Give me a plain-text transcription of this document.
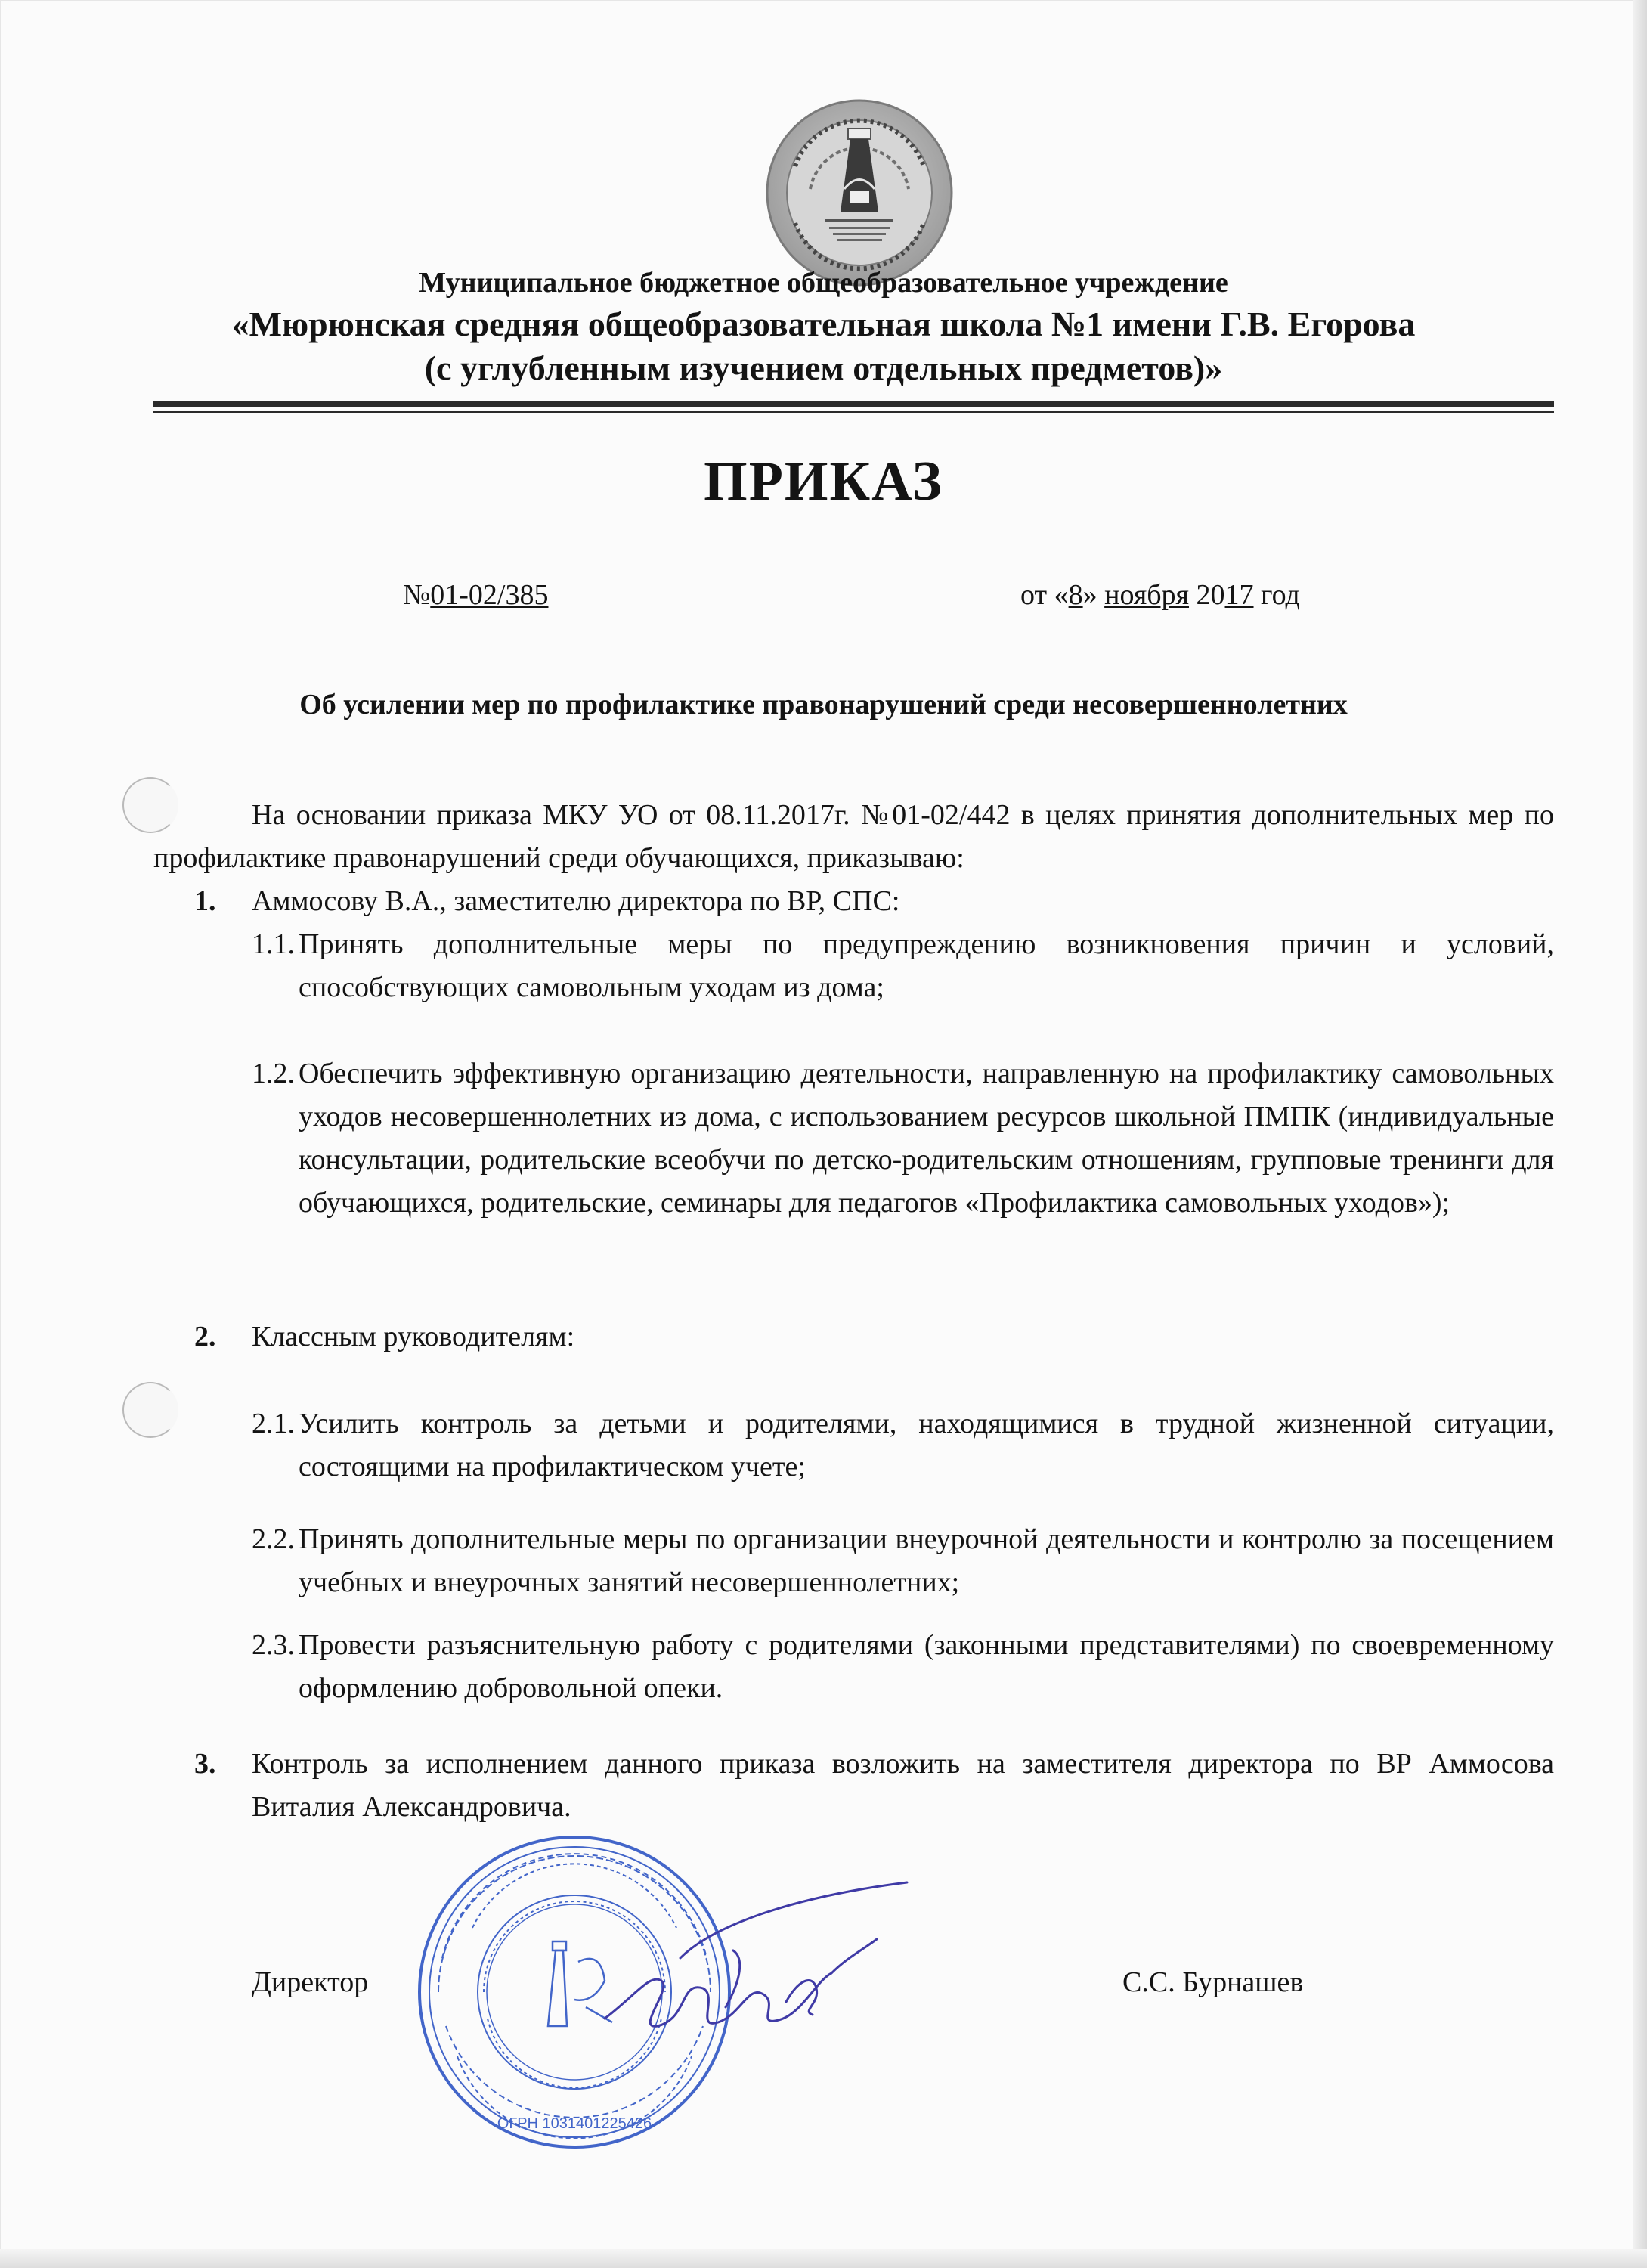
Муниципальное бюджетное общеобразовательное учреждение
«Мюрюнская средняя общеобразовательная школа №1 имени Г.В. Егорова
(с углубленным изучением отдельных предметов)»
ПРИКАЗ
№01-02/385	от «8» ноября 2017 год
Об усилении мер по профилактике правонарушений среди несовершеннолетних
На основании приказа МКУ УО от 08.11.2017г. №01-02/442 в целях принятия дополнительных мер по профилактике правонарушений среди обучающихся, приказываю:
1. Аммосову В.А., заместителю директора по ВР, СПС:
1.1. Принять дополнительные меры по предупреждению возникновения причин и условий, способствующих самовольным уходам из дома;
1.2. Обеспечить эффективную организацию деятельности, направленную на профилактику самовольных уходов несовершеннолетних из дома, с использованием ресурсов школьной ПМПК (индивидуальные консультации, родительские всеобучи по детско-родительским отношениям, групповые тренинги для обучающихся, родительские, семинары для педагогов «Профилактика самовольных уходов»);
2. Классным руководителям:
2.1. Усилить контроль за детьми и родителями, находящимися в трудной жизненной ситуации, состоящими на профилактическом учете;
2.2. Принять дополнительные меры по организации внеурочной деятельности и контролю за посещением учебных и внеурочных занятий несовершеннолетних;
2.3. Провести разъяснительную работу с родителями (законными представителями) по своевременному оформлению добровольной опеки.
3. Контроль за исполнением данного приказа возложить на заместителя директора по ВР Аммосова Виталия Александровича.
Директор	С.С. Бурнашев
ОГРН 1031401225426
